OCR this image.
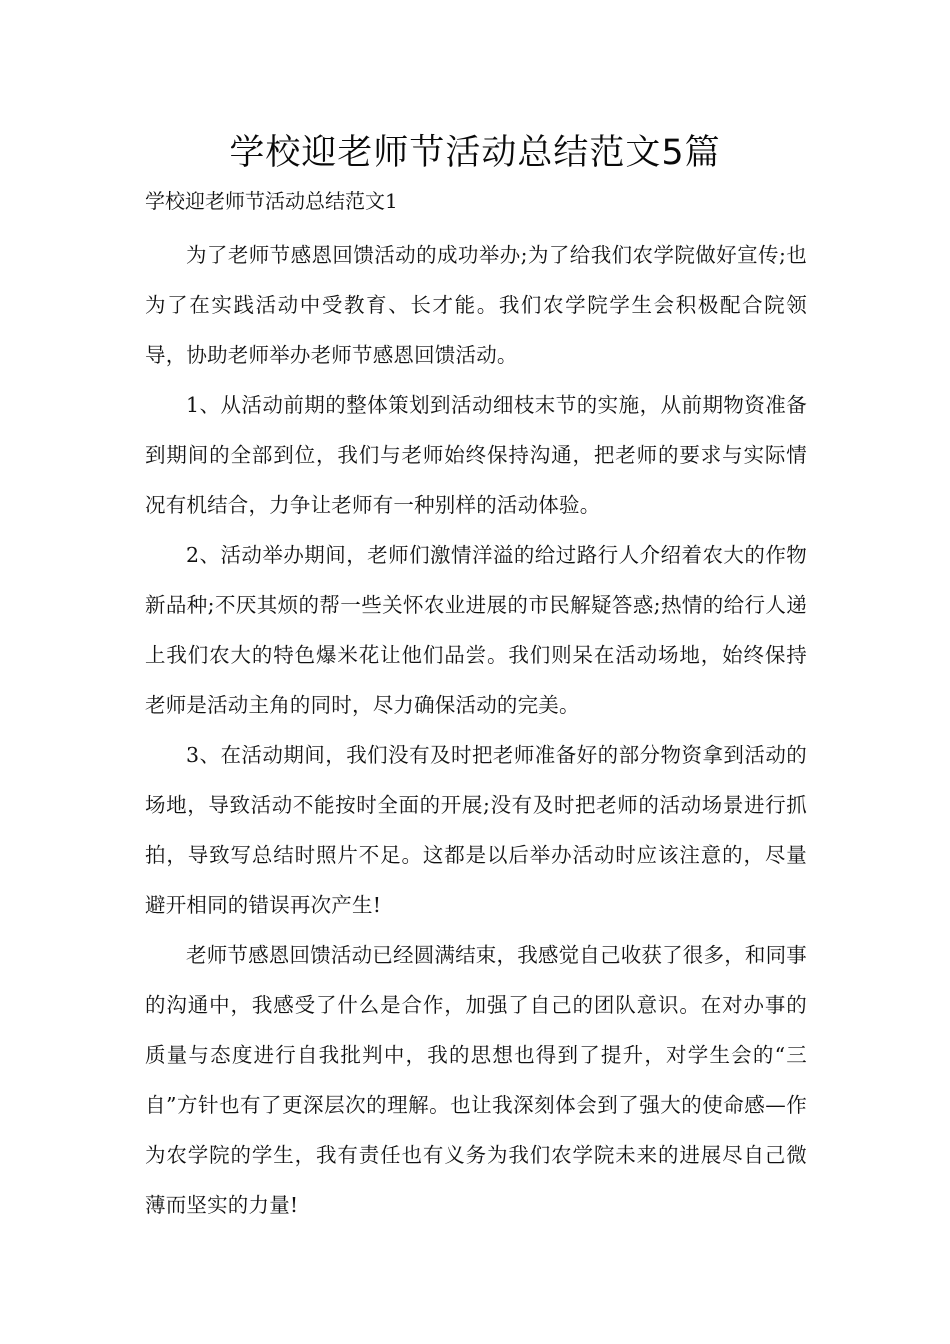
学校迎老师节活动总结范文5篇

学校迎老师节活动总结范文1

为了老师节感恩回馈活动的成功举办;为了给我们农学院做好宣传;也为了在实践活动中受教育、长才能。我们农学院学生会积极配合院领导，协助老师举办老师节感恩回馈活动。

1、从活动前期的整体策划到活动细枝末节的实施，从前期物资准备到期间的全部到位，我们与老师始终保持沟通，把老师的要求与实际情况有机结合，力争让老师有一种别样的活动体验。

2、活动举办期间，老师们激情洋溢的给过路行人介绍着农大的作物新品种;不厌其烦的帮一些关怀农业进展的市民解疑答惑;热情的给行人递上我们农大的特色爆米花让他们品尝。我们则呆在活动场地，始终保持老师是活动主角的同时，尽力确保活动的完美。

3、在活动期间，我们没有及时把老师准备好的部分物资拿到活动的场地，导致活动不能按时全面的开展;没有及时把老师的活动场景进行抓拍，导致写总结时照片不足。这都是以后举办活动时应该注意的，尽量避开相同的错误再次产生!

老师节感恩回馈活动已经圆满结束，我感觉自己收获了很多，和同事的沟通中，我感受了什么是合作，加强了自己的团队意识。在对办事的质量与态度进行自我批判中，我的思想也得到了提升，对学生会的“三自”方针也有了更深层次的理解。也让我深刻体会到了强大的使命感—作为农学院的学生，我有责任也有义务为我们农学院未来的进展尽自己微薄而坚实的力量!
